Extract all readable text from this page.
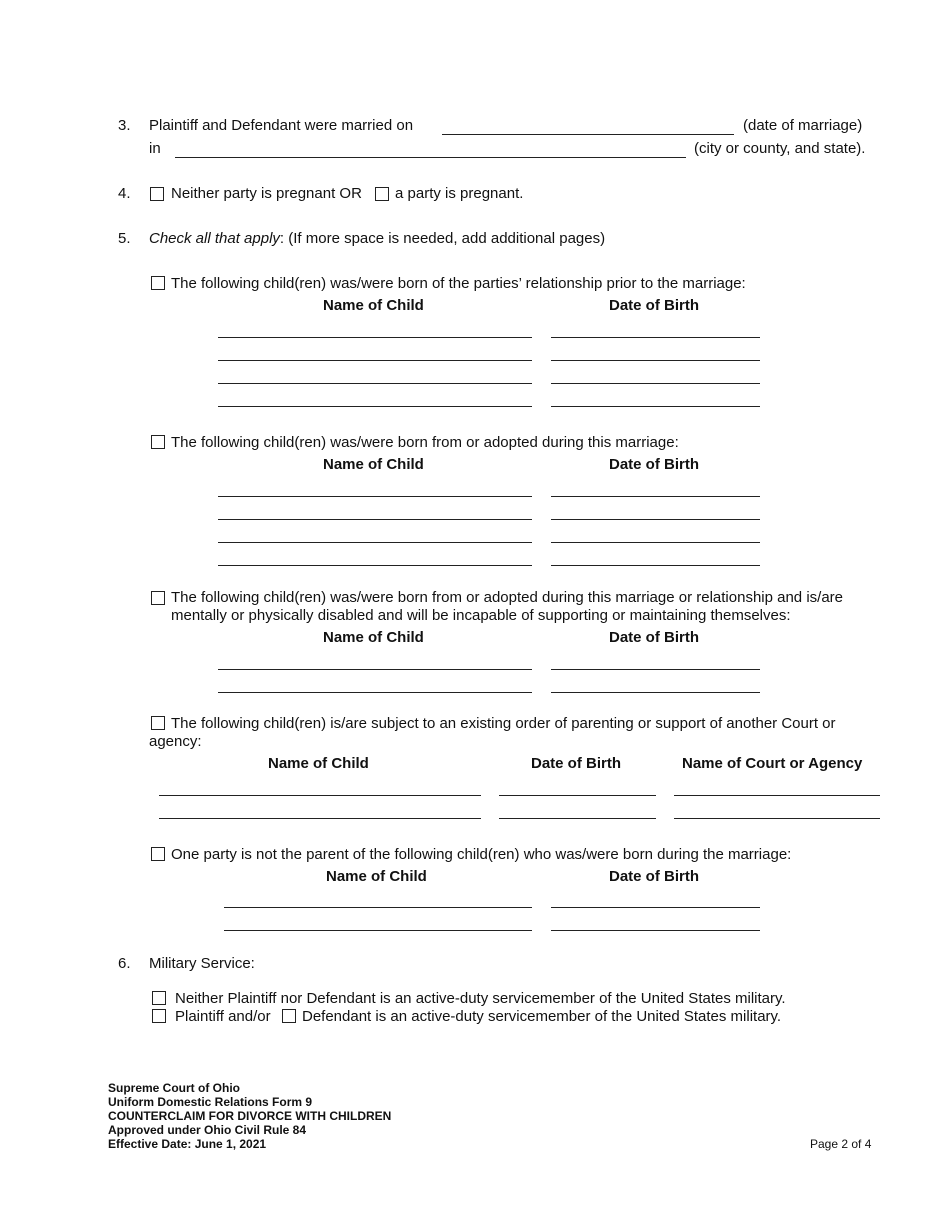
3. Plaintiff and Defendant were married on	(date of marriage)
in	(city or county, and state).
4.	Neither party is pregnant OR a party is pregnant.
5. Check all that apply: (If more space is needed, add additional pages)
The following child(ren) was/were born of the parties’ relationship prior to the marriage:
Name of Child	Date of Birth
The following child(ren) was/were born from or adopted during this marriage:
Name of Child	Date of Birth
The following child(ren) was/were born from or adopted during this marriage or relationship and is/are
mentally or physically disabled and will be incapable of supporting or maintaining themselves:
Name of Child	Date of Birth
The following child(ren) is/are subject to an existing order of parenting or support of another Court or
agency:
Name of Child	Date of Birth	Name of Court or Agency
One party is not the parent of the following child(ren) who was/were born during the marriage:
Name of Child	Date of Birth
6. Military Service:
Neither Plaintiff nor Defendant is an active-duty servicemember of the United States military.
Plaintiff and/or Defendant is an active-duty servicemember of the United States military.
Supreme Court of Ohio
Uniform Domestic Relations Form 9
COUNTERCLAIM FOR DIVORCE WITH CHILDREN
Approved under Ohio Civil Rule 84
Effective Date: June 1, 2021	Page 2 of 4
